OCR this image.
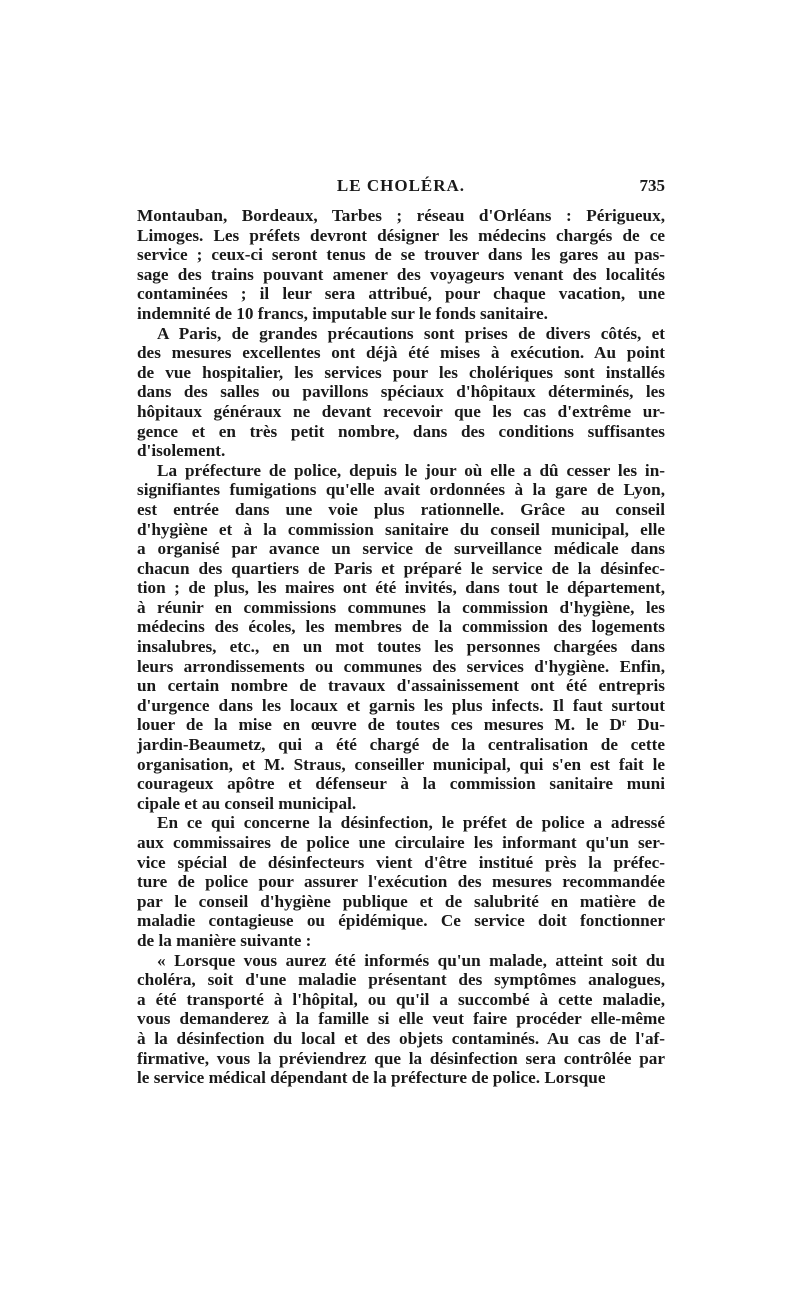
LE CHOLÉRA.	735
Montauban, Bordeaux, Tarbes ; réseau d'Orléans : Périgueux,
Limoges. Les préfets devront désigner les médecins chargés de ce
service ; ceux-ci seront tenus de se trouver dans les gares au pas-
sage des trains pouvant amener des voyageurs venant des localités
contaminées ; il leur sera attribué, pour chaque vacation, une
indemnité de 10 francs, imputable sur le fonds sanitaire.
A Paris, de grandes précautions sont prises de divers côtés, et
des mesures excellentes ont déjà été mises à exécution. Au point
de vue hospitalier, les services pour les cholériques sont installés
dans des salles ou pavillons spéciaux d'hôpitaux déterminés, les
hôpitaux généraux ne devant recevoir que les cas d'extrême ur-
gence et en très petit nombre, dans des conditions suffisantes
d'isolement.
La préfecture de police, depuis le jour où elle a dû cesser les in-
signifiantes fumigations qu'elle avait ordonnées à la gare de Lyon,
est entrée dans une voie plus rationnelle. Grâce au conseil
d'hygiène et à la commission sanitaire du conseil municipal, elle
a organisé par avance un service de surveillance médicale dans
chacun des quartiers de Paris et préparé le service de la désinfec-
tion ; de plus, les maires ont été invités, dans tout le département,
à réunir en commissions communes la commission d'hygiène, les
médecins des écoles, les membres de la commission des logements
insalubres, etc., en un mot toutes les personnes chargées dans
leurs arrondissements ou communes des services d'hygiène. Enfin,
un certain nombre de travaux d'assainissement ont été entrepris
d'urgence dans les locaux et garnis les plus infects. Il faut surtout
louer de la mise en œuvre de toutes ces mesures M. le Dʳ Du-
jardin-Beaumetz, qui a été chargé de la centralisation de cette
organisation, et M. Straus, conseiller municipal, qui s'en est fait le
courageux apôtre et défenseur à la commission sanitaire muni
cipale et au conseil municipal.
En ce qui concerne la désinfection, le préfet de police a adressé
aux commissaires de police une circulaire les informant qu'un ser-
vice spécial de désinfecteurs vient d'être institué près la préfec-
ture de police pour assurer l'exécution des mesures recommandée
par le conseil d'hygiène publique et de salubrité en matière de
maladie contagieuse ou épidémique. Ce service doit fonctionner
de la manière suivante :
« Lorsque vous aurez été informés qu'un malade, atteint soit du
choléra, soit d'une maladie présentant des symptômes analogues,
a été transporté à l'hôpital, ou qu'il a succombé à cette maladie,
vous demanderez à la famille si elle veut faire procéder elle-même
à la désinfection du local et des objets contaminés. Au cas de l'af-
firmative, vous la préviendrez que la désinfection sera contrôlée par
le service médical dépendant de la préfecture de police. Lorsque
